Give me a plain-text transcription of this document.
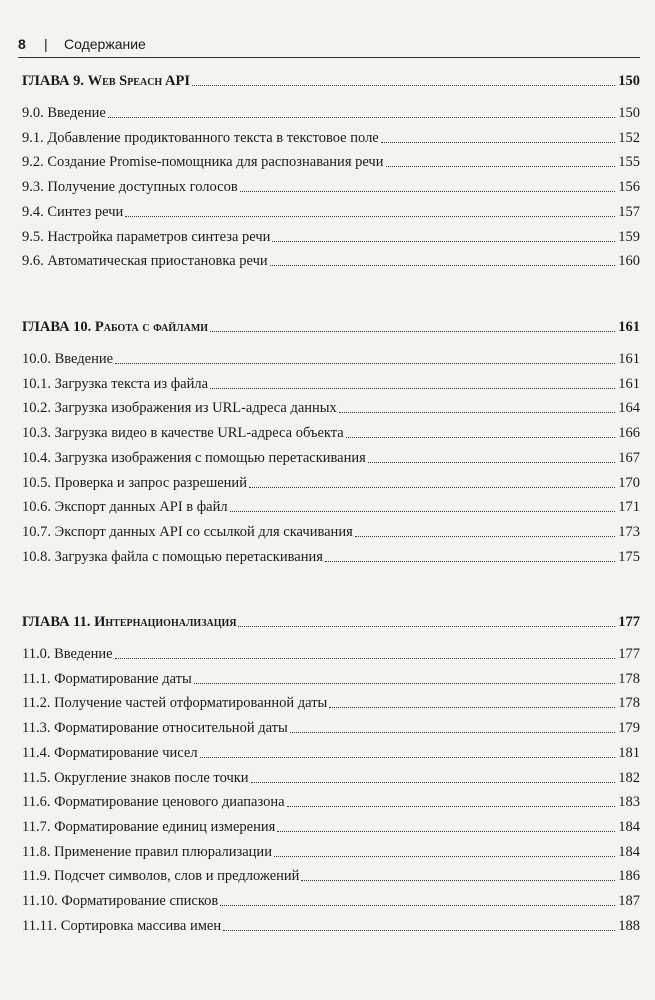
8 | Содержание
ГЛАВА 9. Web Speach API	150
9.0. Введение	150
9.1. Добавление продиктованного текста в текстовое поле	152
9.2. Создание Promise-помощника для распознавания речи	155
9.3. Получение доступных голосов	156
9.4. Синтез речи	157
9.5. Настройка параметров синтеза речи	159
9.6. Автоматическая приостановка речи	160
ГЛАВА 10. Работа с файлами	161
10.0. Введение	161
10.1. Загрузка текста из файла	161
10.2. Загрузка изображения из URL-адреса данных	164
10.3. Загрузка видео в качестве URL-адреса объекта	166
10.4. Загрузка изображения с помощью перетаскивания	167
10.5. Проверка и запрос разрешений	170
10.6. Экспорт данных API в файл	171
10.7. Экспорт данных API со ссылкой для скачивания	173
10.8. Загрузка файла с помощью перетаскивания	175
ГЛАВА 11. Интернационализация	177
11.0. Введение	177
11.1. Форматирование даты	178
11.2. Получение частей отформатированной даты	178
11.3. Форматирование относительной даты	179
11.4. Форматирование чисел	181
11.5. Округление знаков после точки	182
11.6. Форматирование ценового диапазона	183
11.7. Форматирование единиц измерения	184
11.8. Применение правил плюрализации	184
11.9. Подсчет символов, слов и предложений	186
11.10. Форматирование списков	187
11.11. Сортировка массива имен	188
